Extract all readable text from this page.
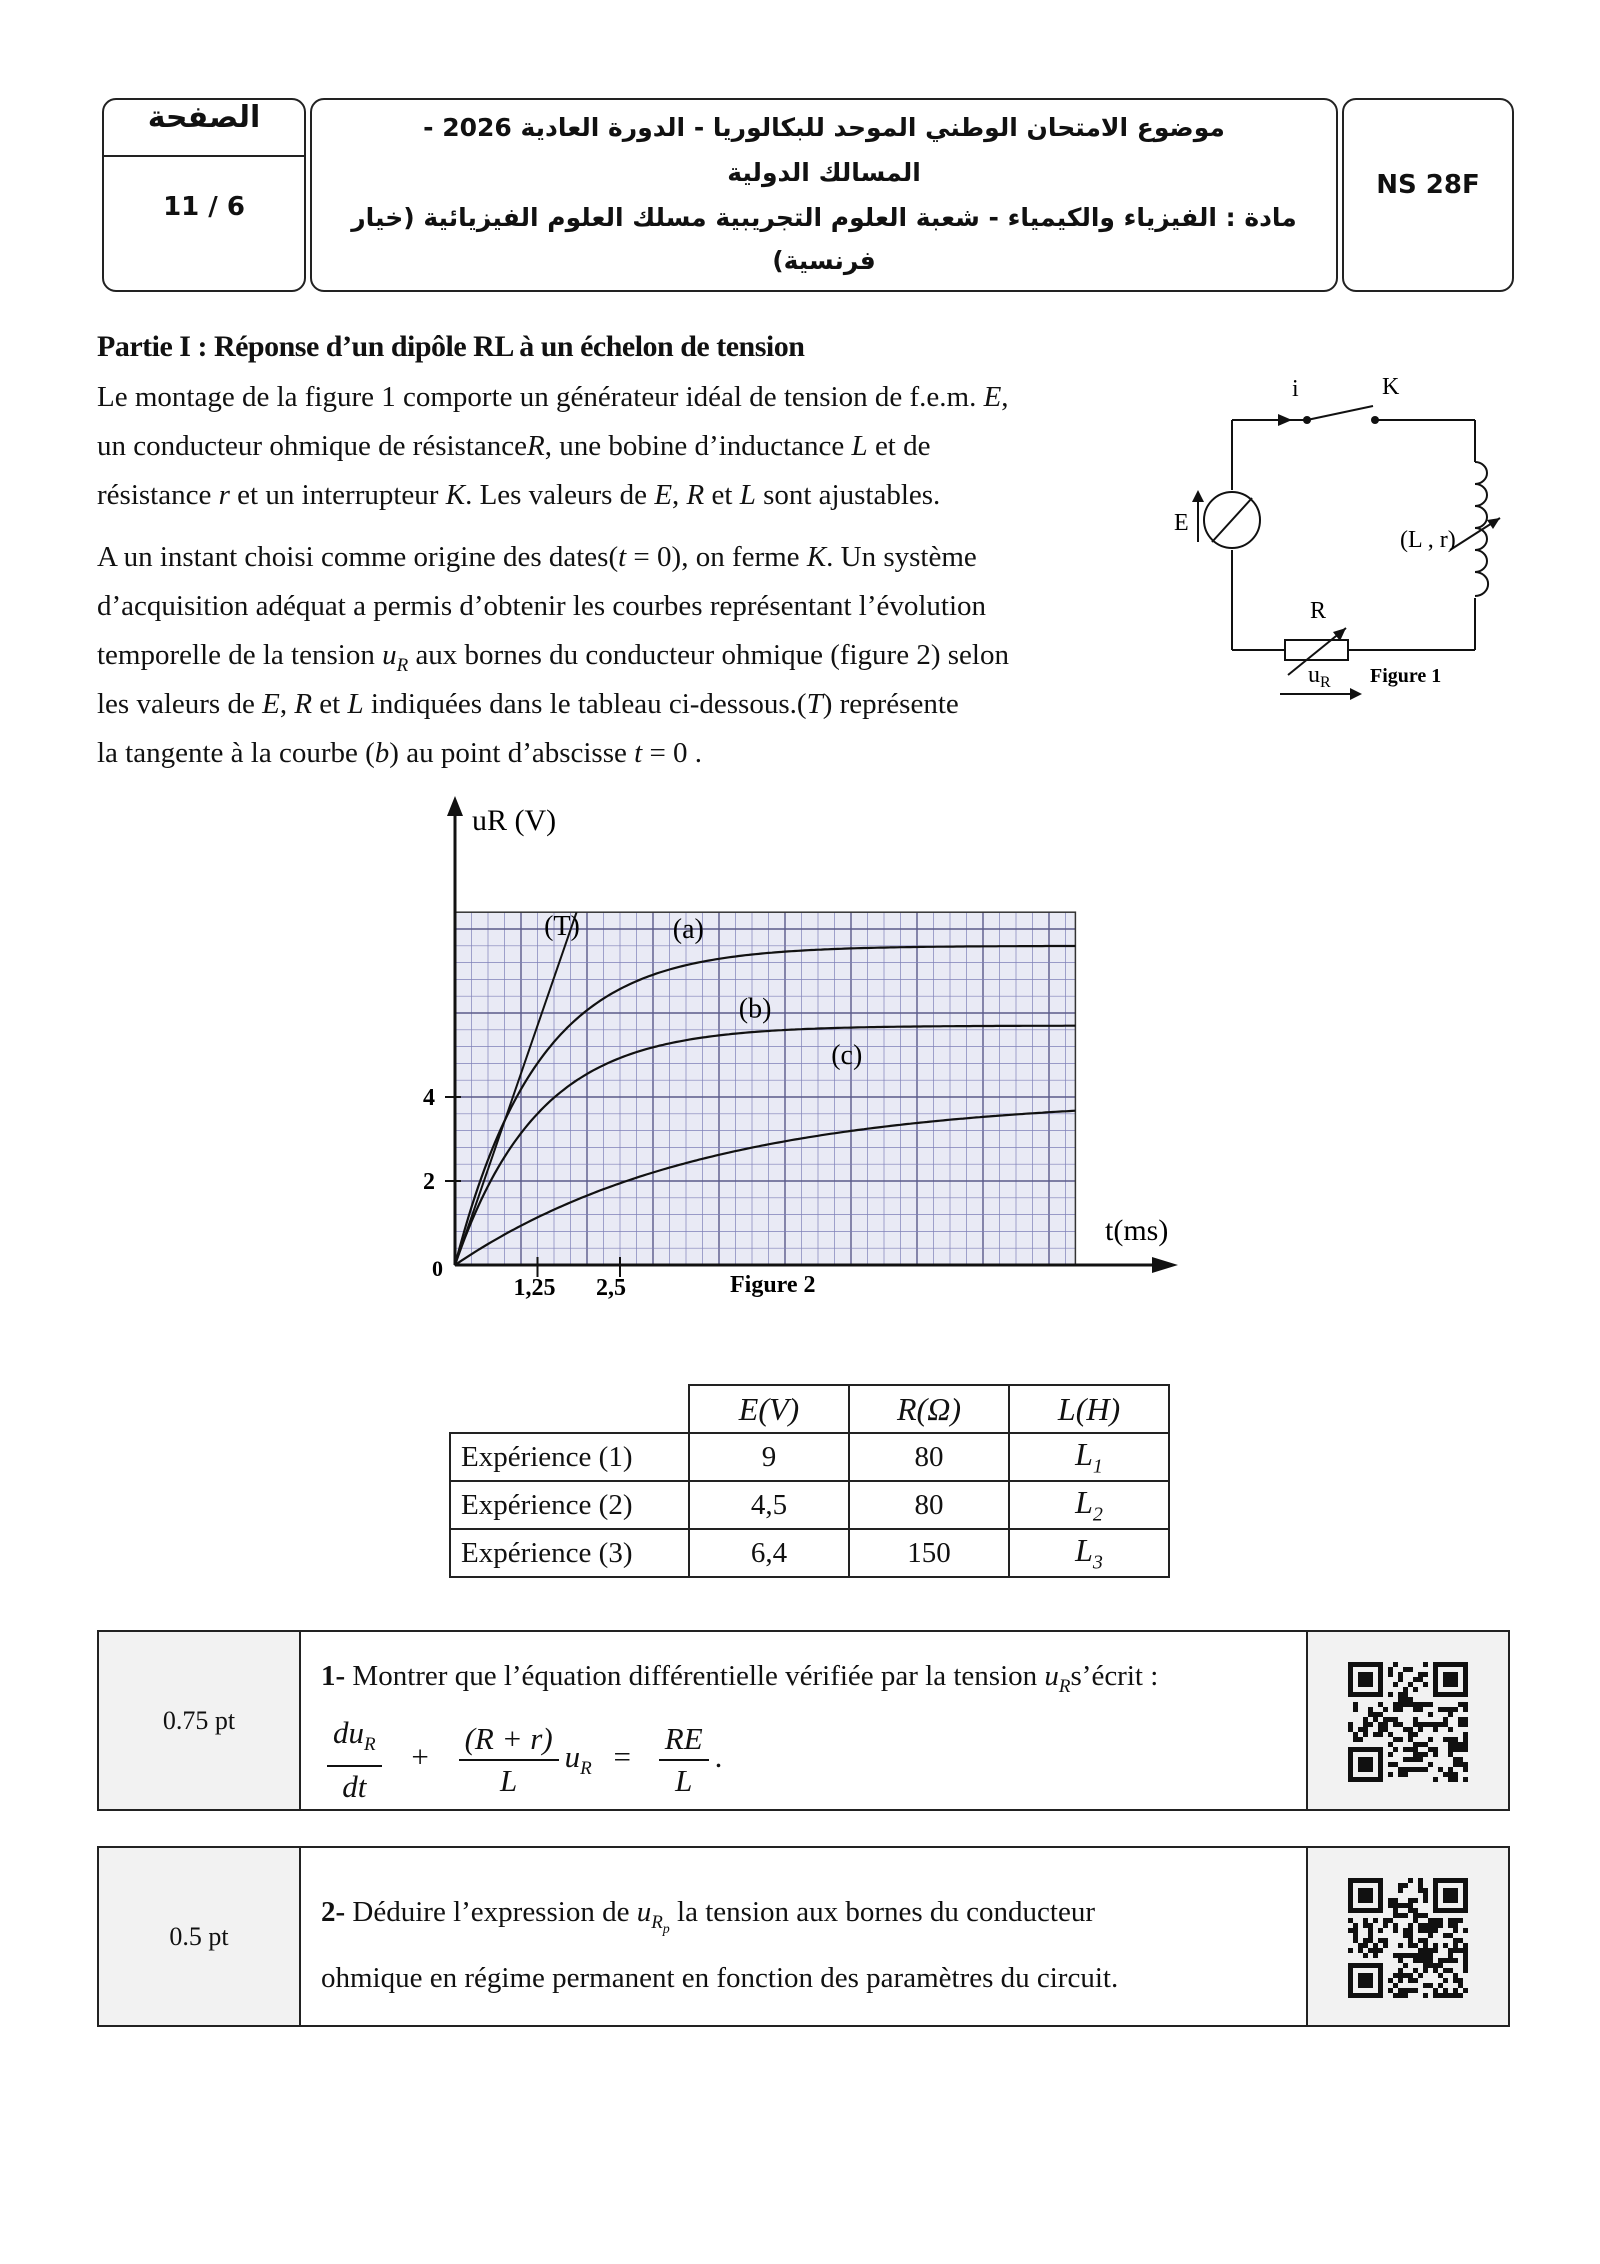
الصفحة
11 / 6
موضوع الامتحان الوطني الموحد للبكالوريا - الدورة العادية 2026 -
المسالك الدولية
مادة : الفيزياء والكيمياء - شعبة العلوم التجريبية مسلك العلوم الفيزيائية (خيار
فرنسية)
NS 28F
Partie I : Réponse d’un dipôle RL à un échelon de tension
Le montage de la figure 1 comporte un générateur idéal de tension de f.e.m. E,
un conducteur ohmique de résistanceR, une bobine d’inductance L et de
résistance r et un interrupteur K. Les valeurs de E, R et L sont ajustables.
A un instant choisi comme origine des dates(t = 0), on ferme K. Un système
d’acquisition adéquat a permis d’obtenir les courbes représentant l’évolution
temporelle de la tension $u_R$ aux bornes du conducteur ohmique (figure 2) selon
les valeurs de E, R et L indiquées dans le tableau ci-dessous.(T) représente
la tangente à la courbe (b) au point d’abscisse t = 0 .
i	K
E
(L , r)
R
$u_R$ Figure 1
uR (V)
t(ms)
0
Figure 2
1,25 2,5
2
4
(a)
(b)
(c)
(T)
	E(V)	R(Ω)	L(H)
Expérience (1)	9	80	$L_1$
Expérience (2)	4,5	80	$L_2$
Expérience (3)	6,4	150	$L_3$
0.75 pt
1- Montrer que l’équation différentielle vérifiée par la tension $u_Rs’écrit$ :
$\frac{du_R}{dt} + \frac{(R + r)}{L} u_R = \frac{RE}{L}$ .
0.5 pt
2- Déduire l’expression de $u_{R_p}$ la tension aux bornes du conducteur
ohmique en régime permanent en fonction des paramètres du circuit.
